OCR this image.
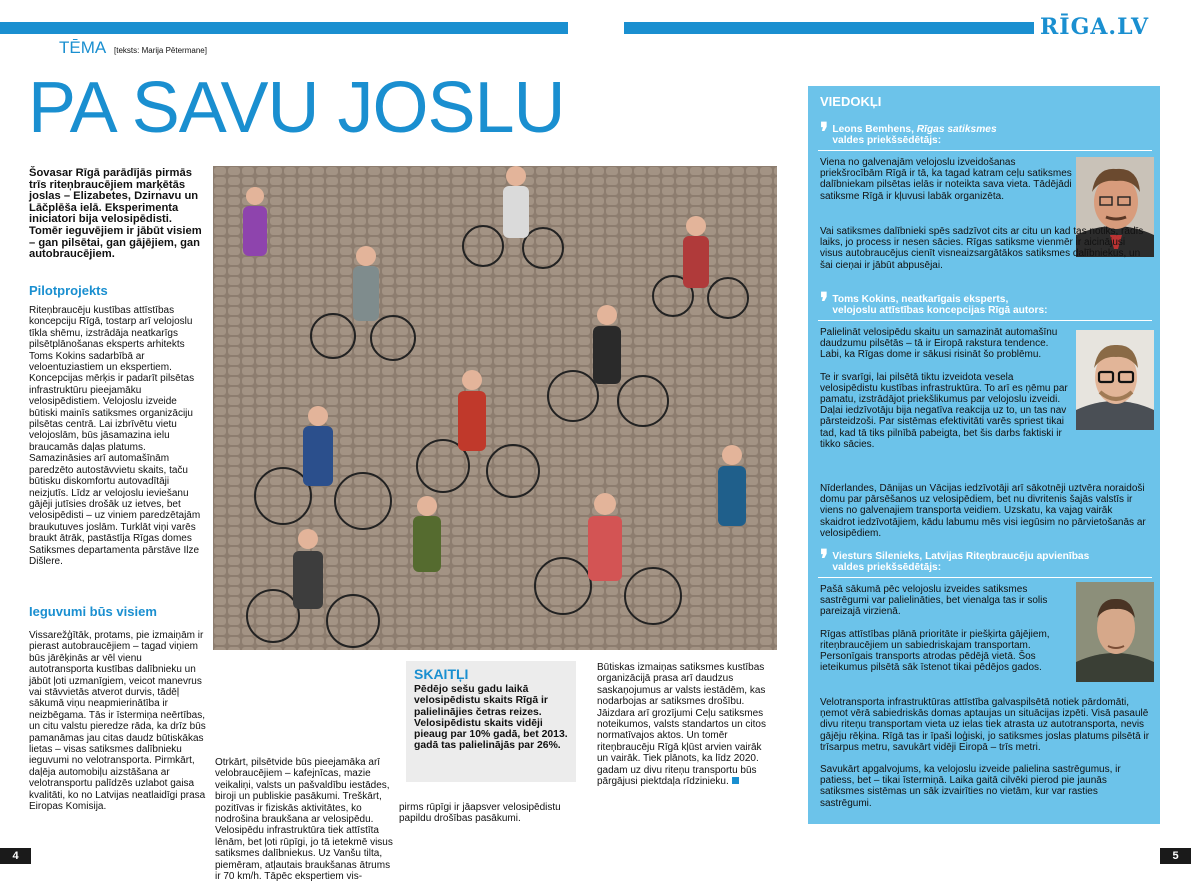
RĪGA.LV
TĒMA [teksts: Marija Pētermane]
PA SAVU JOSLU
Šovasar Rīgā parādījās pirmās trīs riteņbraucējiem marķētās joslas – Elizabetes, Dzirnavu un Lāčplēša ielā. Eksperimenta iniciatori bija velosipēdisti. Tomēr ieguvējiem ir jābūt visiem – gan pilsētai, gan gājējiem, gan autobraucējiem.
Pilotprojekts
Riteņbraucēju kustības attīstības koncepciju Rīgā, tostarp arī velojoslu tīkla shēmu, izstrādāja neatkarīgs pilsētplānošanas eksperts arhitekts Toms Kokins sadarbībā ar veloentuziastiem un ekspertiem. Koncepcijas mērķis ir padarīt pilsētas infrastruktūru pieejamāku velosipēdistiem. Velojoslu izveide būtiski mainīs satiksmes organizāciju pilsētas centrā. Lai izbrīvētu vietu velojoslām, būs jāsamazina ielu braucamās daļas platums. Samazināsies arī automašīnām paredzēto autostāvvietu skaits, taču būtisku diskomfortu autovadītāji neizjutīs. Līdz ar velojoslu ieviešanu gājēji jutīsies drošāk uz ietves, bet velosipēdisti – uz viniem paredzētajām braukutuves joslām. Turklāt viņi varēs braukt ātrāk, pastāstīja Rīgas domes Satiksmes departamenta pārstāve Ilze Dišlere.
Ieguvumi būs visiem
Vissarežģītāk, protams, pie izmaiņām ir pierast autobraucējiem – tagad viņiem būs jārēķinās ar vēl vienu autotransporta kustības dalībnieku un jābūt ļoti uzmanīgiem, veicot manevrus vai stāvvietās atverot durvis, tādēļ sākumā viņu neapmierinātība ir neizbēgama. Tās ir īstermiņa neērtības, un citu valstu pieredze rāda, ka drīz būs pamanāmas jau citas daudz būtiskākas lietas – visas satiksmes dalībnieku ieguvumi no velotransporta. Pirmkārt, daļēja automobiļu aizstāšana ar velotransportu palīdzēs uzlabot gaisa kvalitāti, ko no Latvijas neatlaidīgi prasa Eiropas Komisija.
Otrkārt, pilsētvide būs pieejamāka arī velobraucējiem – kafejnīcas, mazie veikaliņi, valsts un pašvaldību iestādes, biroji un publiskie pasākumi. Treškārt, pozitīvas ir fiziskās aktivitātes, ko nodrošina braukšana ar velosipēdu. Velosipēdu infrastruktūra tiek attīstīta lēnām, bet ļoti rūpīgi, jo tā ietekmē visus satiksmes dalībniekus. Uz Vanšu tilta, piemēram, atļautais braukšanas ātrums ir 70 km/h. Tāpēc ekspertiem vis-
pirms rūpīgi ir jāapsver velosipēdistu papildu drošības pasākumi.
Būtiskas izmaiņas satiksmes kustības organizācijā prasa arī daudzus saskaņojumus ar valsts iestādēm, kas nodarbojas ar satiksmes drošību. Jāizdara arī grozījumi Ceļu satiksmes noteikumos, valsts standartos un citos normatīvajos aktos. Un tomēr riteņbraucēju Rīgā kļūst arvien vairāk un vairāk. Tiek plānots, ka līdz 2020. gadam uz divu riteņu transportu būs pārgājusi piektdaļa rīdzinieku.
SKAITĻI
Pēdējo sešu gadu laikā velosipēdistu skaits Rīgā ir palielinājies četras reizes. Velosipēdistu skaits vidēji pieaug par 10% gadā, bet 2013. gadā tas palielinājās par 26%.
VIEDOKĻI
❜ Leons Bemhens, Rīgas satiksmes
valdes priekšsēdētājs:

Viena no galvenajām velojoslu izveidošanas priekšrocībām Rīgā ir tā, ka tagad katram ceļu satiksmes dalībniekam pilsētas ielās ir noteikta sava vieta. Tādējādi satiksme Rīgā ir kļuvusi labāk organizēta.

Vai satiksmes dalībnieki spēs sadzīvot cits ar citu un kad tas notiks, rādīs laiks, jo process ir nesen sācies. Rīgas satiksme vienmēr ir aicinājusi visus autobraucējus cienīt visneaizsargātākos satiksmes dalībniekus, un šai cieņai ir jābūt abpusējai.

❜ Toms Kokins, neatkarīgais eksperts,
velojoslu attīstības koncepcijas Rīgā autors:

Palielināt velosipēdu skaitu un samazināt automašīnu daudzumu pilsētās – tā ir Eiropā rakstura tendence. Labi, ka Rīgas dome ir sākusi risināt šo problēmu.

Te ir svarīgi, lai pilsētā tiktu izveidota vesela velosipēdistu kustības infrastruktūra. To arī es ņēmu par pamatu, izstrādājot priekšlikumus par velojoslu izveidi. Daļai iedzīvotāju bija negatīva reakcija uz to, un tas nav pārsteidzoši. Par sistēmas efektivitāti varēs spriest tikai tad, kad tā tiks pilnībā pabeigta, bet šis darbs faktiski ir tikko sācies.

Nīderlandes, Dānijas un Vācijas iedzīvotāji arī sākotnēji uztvēra noraidoši domu par pārsēšanos uz velosipēdiem, bet nu divritenis šajās valstīs ir viens no galvenajiem transporta veidiem. Uzskatu, ka vajag vairāk skaidrot iedzīvotājiem, kādu labumu mēs visi iegūsim no pārvietošanās ar velosipēdiem.

❜ Viesturs Silenieks, Latvijas Riteņbraucēju apvienības
valdes priekšsēdētājs:

Pašā sākumā pēc velojoslu izveides satiksmes sastrēgumi var palielināties, bet vienalga tas ir solis pareizajā virzienā.

Rīgas attīstības plānā prioritāte ir piešķirta gājējiem, riteņbraucējiem un sabiedriskajam transportam. Personīgais transports atrodas pēdējā vietā. Šos ieteikumus pilsētā sāk īstenot tikai pēdējos gados.

Velotransporta infrastruktūras attīstība galvaspilsētā notiek pārdomāti, ņemot vērā sabiedriskās domas aptaujas un situācijas izpēti. Visā pasaulē divu riteņu transportam vieta uz ielas tiek atrasta uz autotransporta, nevis gājēju rēķina. Rīgā tas ir īpaši loģiski, jo satiksmes joslas platums pilsētā ir trīsarpus metru, savukārt vidēji Eiropā – trīs metri.

Savukārt apgalvojums, ka velojoslu izveide palielina sastrēgumus, ir patiess, bet – tikai īstermiņā. Laika gaitā cilvēki pierod pie jaunās satiksmes sistēmas un sāk izvairīties no vietām, kur var rasties sastrēgumi.

4	5
